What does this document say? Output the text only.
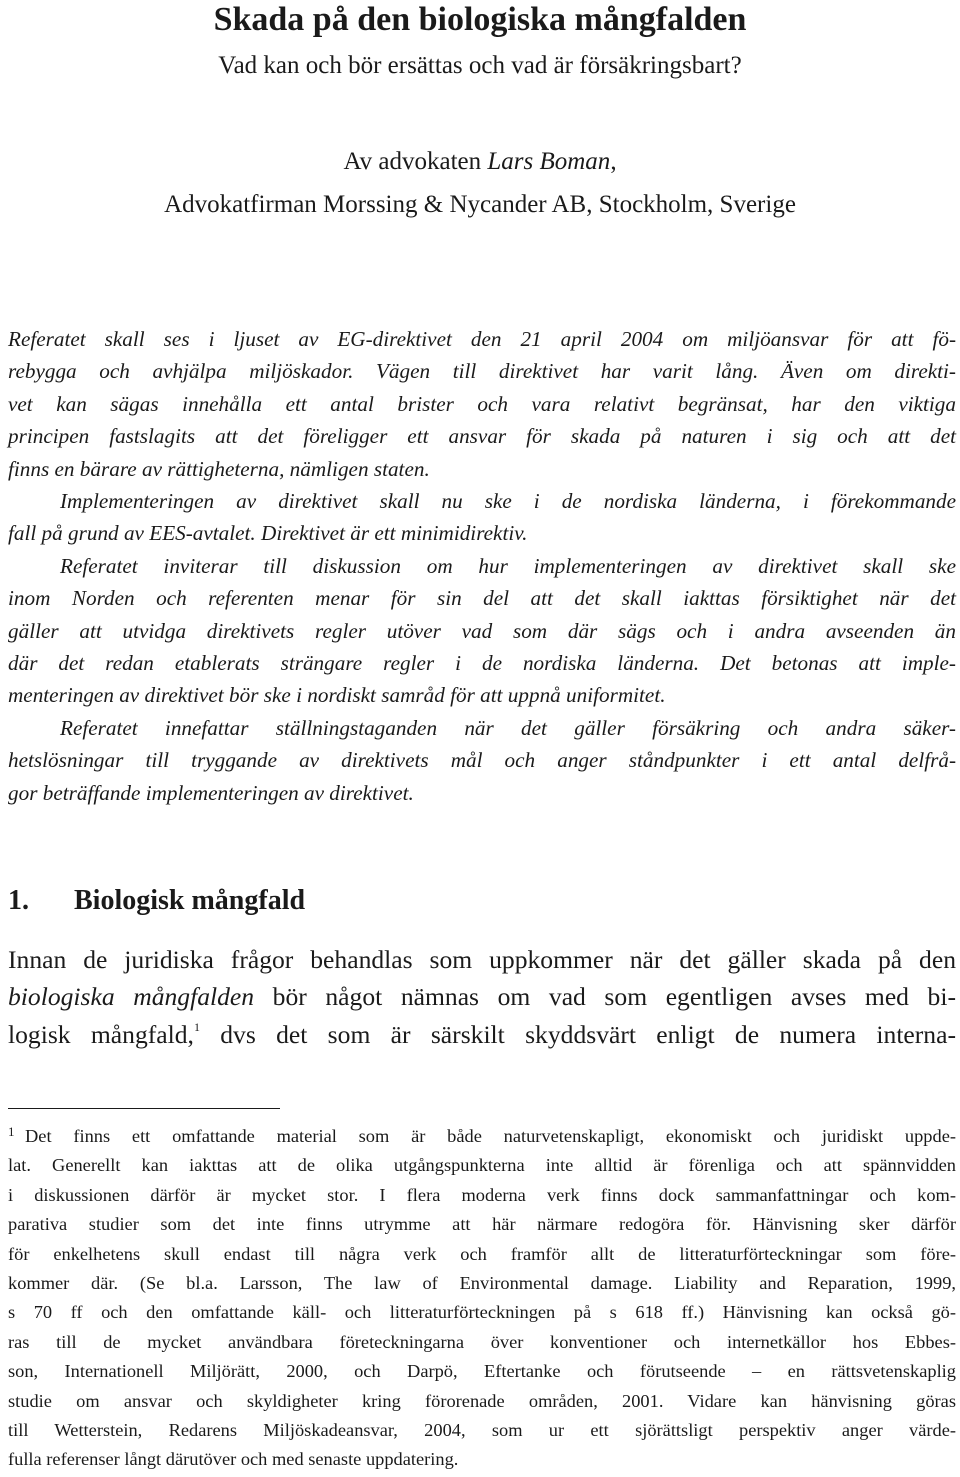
Skada på den biologiska mångfalden
Vad kan och bör ersättas och vad är försäkringsbart?
Av advokaten Lars Boman,
Advokatfirman Morssing & Nycander AB, Stockholm, Sverige
Referatet skall ses i ljuset av EG-direktivet den 21 april 2004 om miljöansvar för att fö-
rebygga och avhjälpa miljöskador. Vägen till direktivet har varit lång. Även om direkti-
vet kan sägas innehålla ett antal brister och vara relativt begränsat, har den viktiga
principen fastslagits att det föreligger ett ansvar för skada på naturen i sig och att det
finns en bärare av rättigheterna, nämligen staten.
Implementeringen av direktivet skall nu ske i de nordiska länderna, i förekommande
fall på grund av EES-avtalet. Direktivet är ett minimidirektiv.
Referatet inviterar till diskussion om hur implementeringen av direktivet skall ske
inom Norden och referenten menar för sin del att det skall iakttas försiktighet när det
gäller att utvidga direktivets regler utöver vad som där sägs och i andra avseenden än
där det redan etablerats strängare regler i de nordiska länderna. Det betonas att imple-
menteringen av direktivet bör ske i nordiskt samråd för att uppnå uniformitet.
Referatet innefattar ställningstaganden när det gäller försäkring och andra säker-
hetslösningar till tryggande av direktivets mål och anger ståndpunkter i ett antal delfrå-
gor beträffande implementeringen av direktivet.
1. Biologisk mångfald
Innan de juridiska frågor behandlas som uppkommer när det gäller skada på den
biologiska mångfalden bör något nämnas om vad som egentligen avses med bi-
logisk mångfald,$^1$ dvs det som är särskilt skyddsvärt enligt de numera interna-
1 Det finns ett omfattande material som är både naturvetenskapligt, ekonomiskt och juridiskt uppde-
lat. Generellt kan iakttas att de olika utgångspunkterna inte alltid är förenliga och att spännvidden
i diskussionen därför är mycket stor. I flera moderna verk finns dock sammanfattningar och kom-
parativa studier som det inte finns utrymme att här närmare redogöra för. Hänvisning sker därför
för enkelhetens skull endast till några verk och framför allt de litteraturförteckningar som före-
kommer där. (Se bl.a. Larsson, The law of Environmental damage. Liability and Reparation, 1999,
s 70 ff och den omfattande käll- och litteraturförteckningen på s 618 ff.) Hänvisning kan också gö-
ras till de mycket användbara företeckningarna över konventioner och internetkällor hos Ebbes-
son, Internationell Miljörätt, 2000, och Darpö, Eftertanke och förutseende – en rättsvetenskaplig
studie om ansvar och skyldigheter kring förorenade områden, 2001. Vidare kan hänvisning göras
till Wetterstein, Redarens Miljöskadeansvar, 2004, som ur ett sjörättsligt perspektiv anger värde-
fulla referenser långt därutöver och med senaste uppdatering.
